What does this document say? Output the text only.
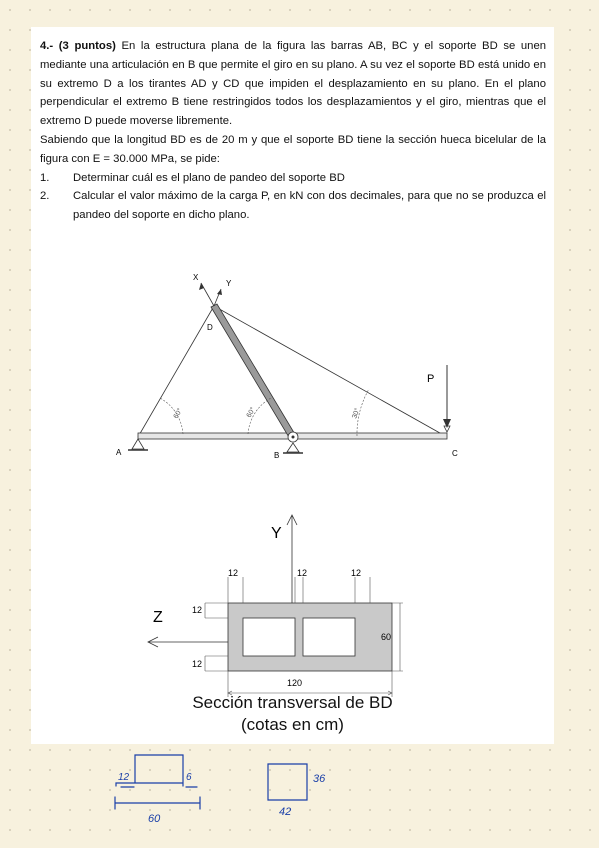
4.- (3 puntos) En la estructura plana de la figura las barras AB, BC y el soporte BD se unen mediante una articulación en B que permite el giro en su plano. A su vez el soporte BD está unido en su extremo D a los tirantes AD y CD que impiden el desplazamiento en su plano. En el plano perpendicular el extremo B tiene restringidos todos los desplazamientos y el giro, mientras que el extremo D puede moverse libremente.

Sabiendo que la longitud BD es de 20 m y que el soporte BD tiene la sección hueca bicelular de la figura con E = 30.000 MPa, se pide:

1.	Determinar cuál es el plano de pandeo del soporte BD

2.	Calcular el valor máximo de la carga P, en kN con dos decimales, para que no se produzca el pandeo del soporte en dicho plano.

X
Y
D
60°	60°	30°
A	B	C
P
Y
Z
12	12	12
12
12
60
120
Sección transversal de BD
(cotas en cm)
12	6
60
36
42
